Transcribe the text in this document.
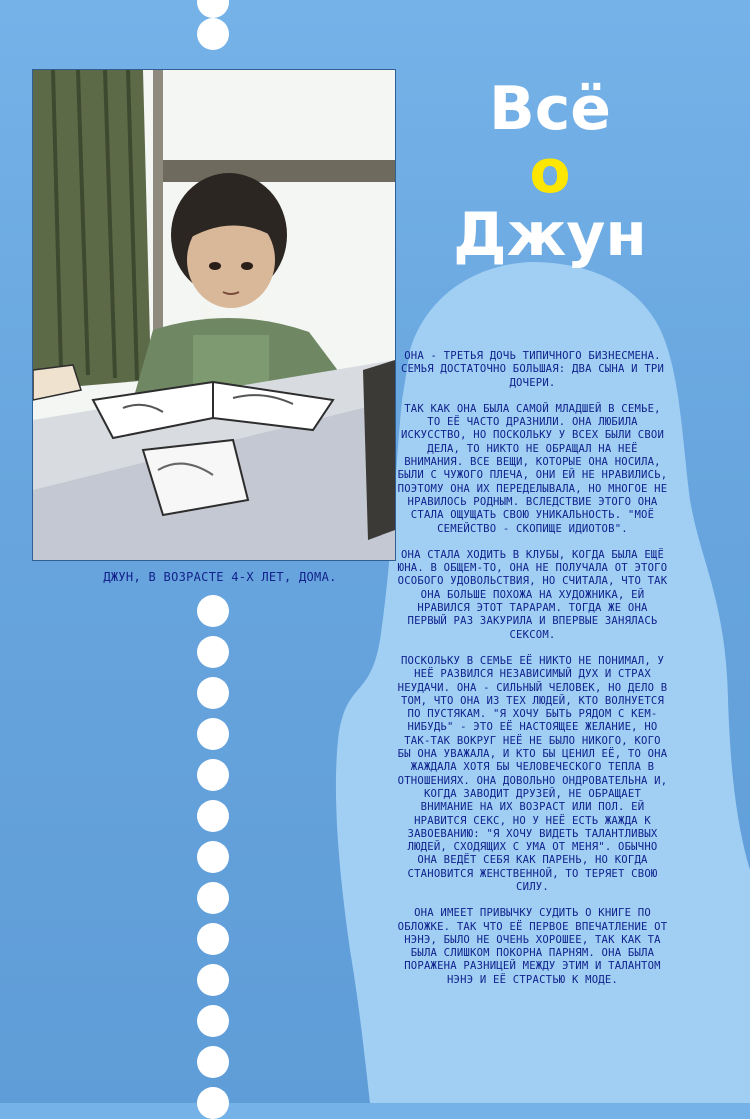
ДЖУН, В ВОЗРАСТЕ 4-Х ЛЕТ, ДОМА.
Всё
о
Джун

ОНА - ТРЕТЬЯ ДОЧЬ ТИПИЧНОГО БИЗНЕСМЕНА. СЕМЬЯ ДОСТАТОЧНО БОЛЬШАЯ: ДВА СЫНА И ТРИ ДОЧЕРИ.

ТАК КАК ОНА БЫЛА САМОЙ МЛАДШЕЙ В СЕМЬЕ, ТО ЕЁ ЧАСТО ДРАЗНИЛИ. ОНА ЛЮБИЛА ИСКУССТВО, НО ПОСКОЛЬКУ У ВСЕХ БЫЛИ СВОИ ДЕЛА, ТО НИКТО НЕ ОБРАЩАЛ НА НЕЁ ВНИМАНИЯ. ВСЕ ВЕЩИ, КОТОРЫЕ ОНА НОСИЛА, БЫЛИ С ЧУЖОГО ПЛЕЧА, ОНИ ЕЙ НЕ НРАВИЛИСЬ, ПОЭТОМУ ОНА ИХ ПЕРЕДЕЛЫВАЛА, НО МНОГОЕ НЕ НРАВИЛОСЬ РОДНЫМ. ВСЛЕДСТВИЕ ЭТОГО ОНА СТАЛА ОЩУЩАТЬ СВОЮ УНИКАЛЬНОСТЬ. "МОЁ СЕМЕЙСТВО - СКОПИЩЕ ИДИОТОВ".

ОНА СТАЛА ХОДИТЬ В КЛУБЫ, КОГДА БЫЛА ЕЩЁ ЮНА. В ОБЩЕМ-ТО, ОНА НЕ ПОЛУЧАЛА ОТ ЭТОГО ОСОБОГО УДОВОЛЬСТВИЯ, НО СЧИТАЛА, ЧТО ТАК ОНА БОЛЬШЕ ПОХОЖА НА ХУДОЖНИКА, ЕЙ НРАВИЛСЯ ЭТОТ ТАРАРАМ. ТОГДА ЖЕ ОНА ПЕРВЫЙ РАЗ ЗАКУРИЛА И ВПЕРВЫЕ ЗАНЯЛАСЬ СЕКСОМ.

ПОСКОЛЬКУ В СЕМЬЕ ЕЁ НИКТО НЕ ПОНИМАЛ, У НЕЁ РАЗВИЛСЯ НЕЗАВИСИМЫЙ ДУХ И СТРАХ НЕУДАЧИ. ОНА - СИЛЬНЫЙ ЧЕЛОВЕК, НО ДЕЛО В ТОМ, ЧТО ОНА ИЗ ТЕХ ЛЮДЕЙ, КТО ВОЛНУЕТСЯ ПО ПУСТЯКАМ. "Я ХОЧУ БЫТЬ РЯДОМ С КЕМ-НИБУДЬ" - ЭТО ЕЁ НАСТОЯЩЕЕ ЖЕЛАНИЕ, НО ТАК-ТАК ВОКРУГ НЕЁ НЕ БЫЛО НИКОГО, КОГО БЫ ОНА УВАЖАЛА, И КТО БЫ ЦЕНИЛ ЕЁ, ТО ОНА ЖАЖДАЛА ХОТЯ БЫ ЧЕЛОВЕЧЕСКОГО ТЕПЛА В ОТНОШЕНИЯХ. ОНА ДОВОЛЬНО ОНДРОВАТЕЛЬНА И, КОГДА ЗАВОДИТ ДРУЗЕЙ, НЕ ОБРАЩАЕТ ВНИМАНИЕ НА ИХ ВОЗРАСТ ИЛИ ПОЛ. ЕЙ НРАВИТСЯ СЕКС, НО У НЕЁ ЕСТЬ ЖАЖДА К ЗАВОЕВАНИЮ: "Я ХОЧУ ВИДЕТЬ ТАЛАНТЛИВЫХ ЛЮДЕЙ, СХОДЯЩИХ С УМА ОТ МЕНЯ". ОБЫЧНО ОНА ВЕДЁТ СЕБЯ КАК ПАРЕНЬ, НО КОГДА СТАНОВИТСЯ ЖЕНСТВЕННОЙ, ТО ТЕРЯЕТ СВОЮ СИЛУ.

ОНА ИМЕЕТ ПРИВЫЧКУ СУДИТЬ О КНИГЕ ПО ОБЛОЖКЕ. ТАК ЧТО ЕЁ ПЕРВОЕ ВПЕЧАТЛЕНИЕ ОТ НЭНЭ, БЫЛО НЕ ОЧЕНЬ ХОРОШЕЕ, ТАК КАК ТА БЫЛА СЛИШКОМ ПОКОРНА ПАРНЯМ. ОНА БЫЛА ПОРАЖЕНА РАЗНИЦЕЙ МЕЖДУ ЭТИМ И ТАЛАНТОМ НЭНЭ И ЕЁ СТРАСТЬЮ К МОДЕ.
